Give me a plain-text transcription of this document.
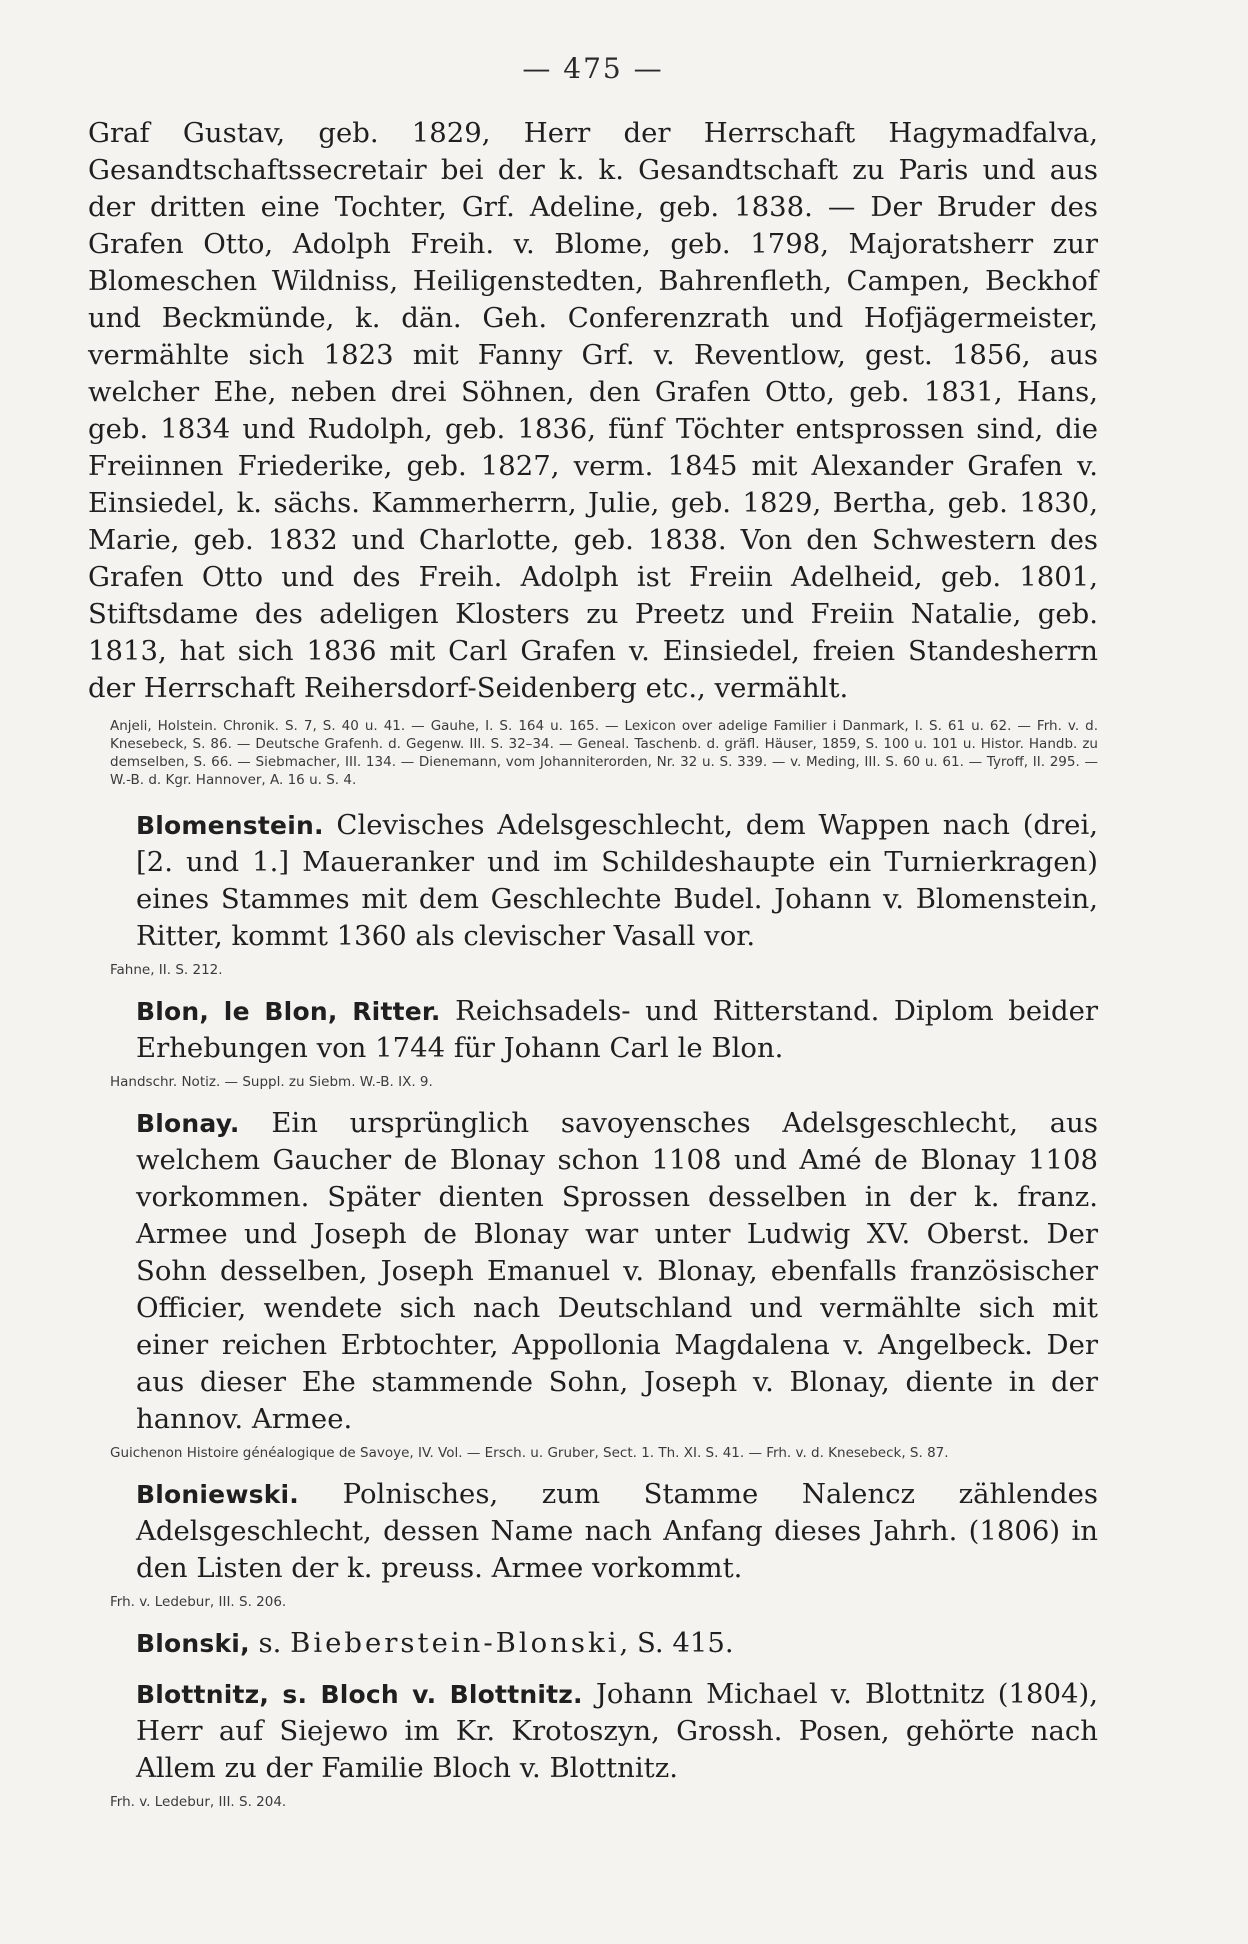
— 475 —

Graf Gustav, geb. 1829, Herr der Herrschaft Hagymadfalva, Gesandtschaftssecretair bei der k. k. Gesandtschaft zu Paris und aus der dritten eine Tochter, Grf. Adeline, geb. 1838. — Der Bruder des Grafen Otto, Adolph Freih. v. Blome, geb. 1798, Majoratsherr zur Blomeschen Wildniss, Heiligenstedten, Bahrenfleth, Campen, Beckhof und Beckmünde, k. dän. Geh. Conferenzrath und Hofjägermeister, vermählte sich 1823 mit Fanny Grf. v. Reventlow, gest. 1856, aus welcher Ehe, neben drei Söhnen, den Grafen Otto, geb. 1831, Hans, geb. 1834 und Rudolph, geb. 1836, fünf Töchter entsprossen sind, die Freiinnen Friederike, geb. 1827, verm. 1845 mit Alexander Grafen v. Einsiedel, k. sächs. Kammerherrn, Julie, geb. 1829, Bertha, geb. 1830, Marie, geb. 1832 und Charlotte, geb. 1838. Von den Schwestern des Grafen Otto und des Freih. Adolph ist Freiin Adelheid, geb. 1801, Stiftsdame des adeligen Klosters zu Preetz und Freiin Natalie, geb. 1813, hat sich 1836 mit Carl Grafen v. Einsiedel, freien Standesherrn der Herrschaft Reihersdorf-Seidenberg etc., vermählt.

Anjeli, Holstein. Chronik. S. 7, S. 40 u. 41. — Gauhe, I. S. 164 u. 165. — Lexicon over adelige Familier i Danmark, I. S. 61 u. 62. — Frh. v. d. Knesebeck, S. 86. — Deutsche Grafenh. d. Gegenw. III. S. 32–34. — Geneal. Taschenb. d. gräfl. Häuser, 1859, S. 100 u. 101 u. Histor. Handb. zu demselben, S. 66. — Siebmacher, III. 134. — Dienemann, vom Johanniterorden, Nr. 32 u. S. 339. — v. Meding, III. S. 60 u. 61. — Tyroff, II. 295. — W.-B. d. Kgr. Hannover, A. 16 u. S. 4.

Blomenstein. Clevisches Adelsgeschlecht, dem Wappen nach (drei, [2. und 1.] Maueranker und im Schildeshaupte ein Turnierkragen) eines Stammes mit dem Geschlechte Budel. Johann v. Blomenstein, Ritter, kommt 1360 als clevischer Vasall vor.

Fahne, II. S. 212.

Blon, le Blon, Ritter. Reichsadels- und Ritterstand. Diplom beider Erhebungen von 1744 für Johann Carl le Blon.

Handschr. Notiz. — Suppl. zu Siebm. W.-B. IX. 9.

Blonay. Ein ursprünglich savoyensches Adelsgeschlecht, aus welchem Gaucher de Blonay schon 1108 und Amé de Blonay 1108 vorkommen. Später dienten Sprossen desselben in der k. franz. Armee und Joseph de Blonay war unter Ludwig XV. Oberst. Der Sohn desselben, Joseph Emanuel v. Blonay, ebenfalls französischer Officier, wendete sich nach Deutschland und vermählte sich mit einer reichen Erbtochter, Appollonia Magdalena v. Angelbeck. Der aus dieser Ehe stammende Sohn, Joseph v. Blonay, diente in der hannov. Armee.

Guichenon Histoire généalogique de Savoye, IV. Vol. — Ersch. u. Gruber, Sect. 1. Th. XI. S. 41. — Frh. v. d. Knesebeck, S. 87.

Bloniewski. Polnisches, zum Stamme Nalencz zählendes Adelsgeschlecht, dessen Name nach Anfang dieses Jahrh. (1806) in den Listen der k. preuss. Armee vorkommt.

Frh. v. Ledebur, III. S. 206.

Blonski, s. Bieberstein-Blonski, S. 415.

Blottnitz, s. Bloch v. Blottnitz. Johann Michael v. Blottnitz (1804), Herr auf Siejewo im Kr. Krotoszyn, Grossh. Posen, gehörte nach Allem zu der Familie Bloch v. Blottnitz.

Frh. v. Ledebur, III. S. 204.
